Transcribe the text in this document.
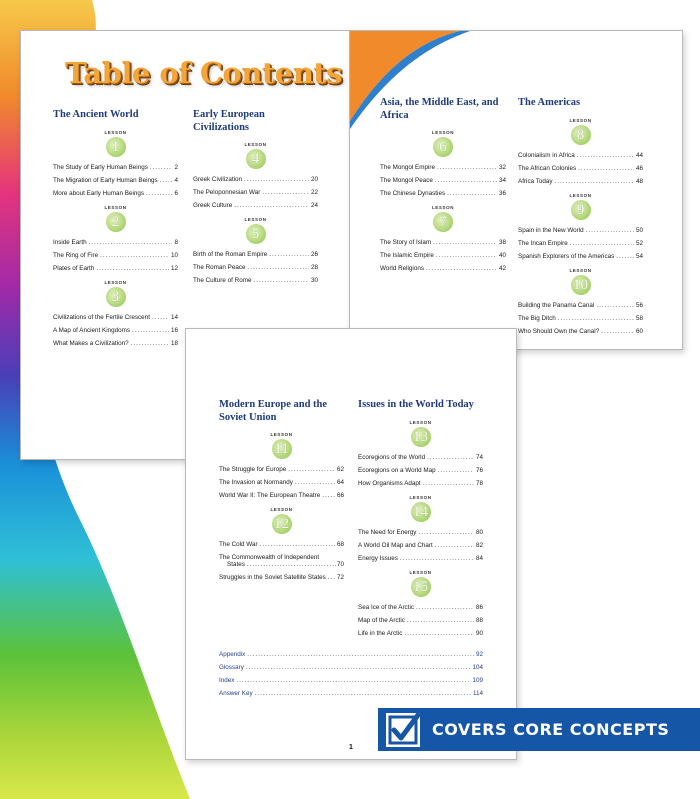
Table of Contents
The Ancient World
LESSON
1
The Study of Early Human Beings .....	2
The Migration of Early Human Beings .....	4
More about Early Human Beings .....	6
LESSON
2
Inside Earth .....	8
The Ring of Fire .....	10
Plates of Earth .....	12
LESSON
3
Civilizations of the Fertile Crescent .....	14
A Map of Ancient Kingdoms .....	16
What Makes a Civilization? .....	18
Early European Civilizations
LESSON
4
Greek Civilization .....	20
The Peloponnesian War .....	22
Greek Culture .....	24
LESSON
5
Birth of the Roman Empire .....	26
The Roman Peace .....	28
The Culture of Rome .....	30
Asia, the Middle East, and Africa
LESSON
6
The Mongol Empire .....	32
The Mongol Peace .....	34
The Chinese Dynasties .....	36
LESSON
7
The Story of Islam .....	38
The Islamic Empire .....	40
World Religions .....	42
The Americas
LESSON
8
Colonialism in Africa .....	44
The African Colonies .....	46
Africa Today .....	48
LESSON
9
Spain in the New World .....	50
The Incan Empire .....	52
Spanish Explorers of the Americas .....	54
LESSON
10
Building the Panama Canal .....	56
The Big Ditch .....	58
Who Should Own the Canal? .....	60
Modern Europe and the Soviet Union
LESSON
11
The Struggle for Europe .....	62
The Invasion at Normandy .....	64
World War II: The European Theatre .....	66
LESSON
12
The Cold War .....	68
The Commonwealth of Independent
States .....	70
Struggles in the Soviet Satellite States .....	72
Issues in the World Today
LESSON
13
Ecoregions of the World .....	74
Ecoregions on a World Map .....	76
How Organisms Adapt .....	78
LESSON
14
The Need for Energy .....	80
A World Oil Map and Chart .....	82
Energy Issues .....	84
LESSON
15
Sea Ice of the Arctic .....	86
Map of the Arctic .....	88
Life in the Arctic .....	90
Appendix .....	92
Glossary .....	104
Index .....	109
Answer Key .....	114
1
COVERS CORE CONCEPTS
